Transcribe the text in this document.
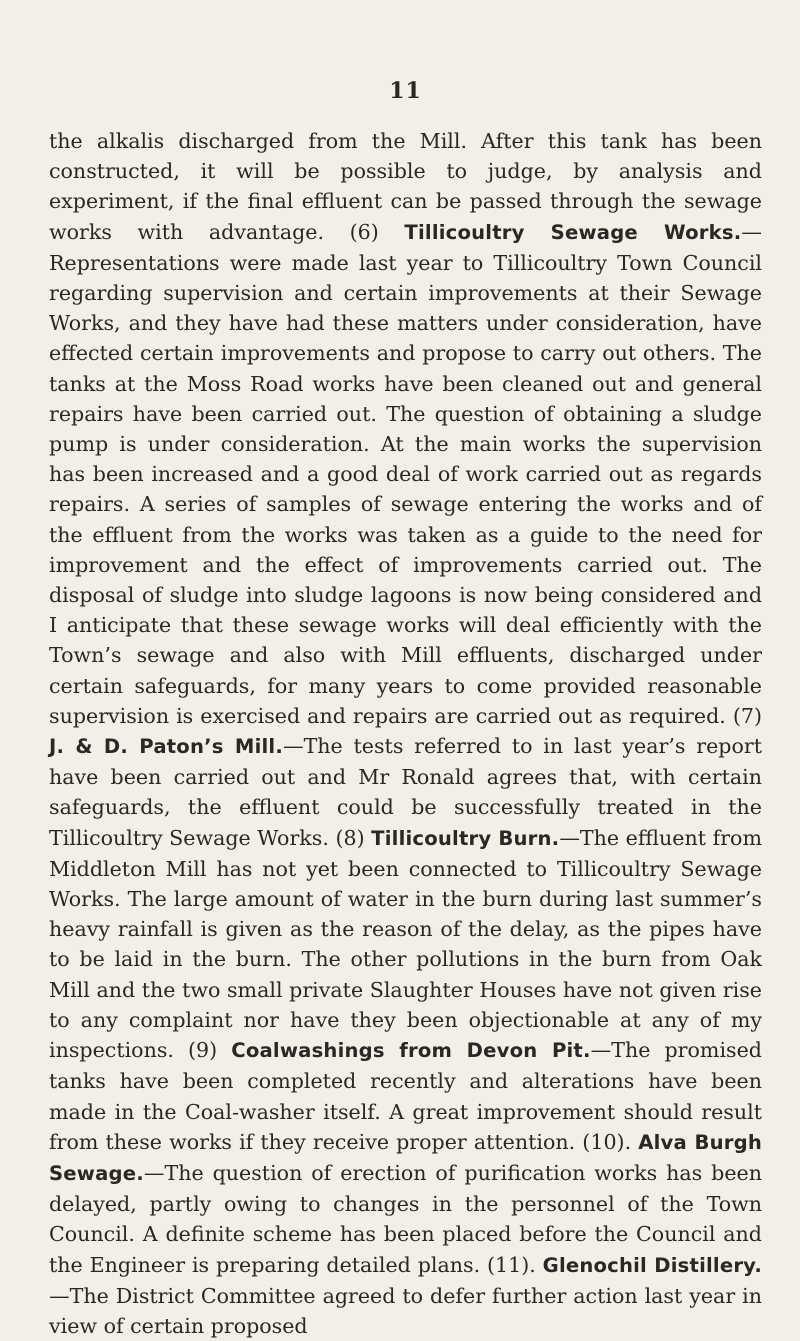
11

the alkalis discharged from the Mill. After this tank has been constructed, it will be possible to judge, by analysis and experiment, if the final effluent can be passed through the sewage works with advantage. (6) Tillicoultry Sewage Works.—Representations were made last year to Tillicoultry Town Council regarding supervision and certain improvements at their Sewage Works, and they have had these matters under consideration, have effected certain improvements and propose to carry out others. The tanks at the Moss Road works have been cleaned out and general repairs have been carried out. The question of obtaining a sludge pump is under consideration. At the main works the supervision has been increased and a good deal of work carried out as regards repairs. A series of samples of sewage entering the works and of the effluent from the works was taken as a guide to the need for improvement and the effect of improvements carried out. The disposal of sludge into sludge lagoons is now being considered and I anticipate that these sewage works will deal efficiently with the Town’s sewage and also with Mill effluents, discharged under certain safeguards, for many years to come provided reasonable supervision is exercised and repairs are carried out as required. (7) J. & D. Paton’s Mill.—The tests referred to in last year’s report have been carried out and Mr Ronald agrees that, with certain safeguards, the effluent could be successfully treated in the Tillicoultry Sewage Works. (8) Tillicoultry Burn.—The effluent from Middleton Mill has not yet been connected to Tillicoultry Sewage Works. The large amount of water in the burn during last summer’s heavy rainfall is given as the reason of the delay, as the pipes have to be laid in the burn. The other pollutions in the burn from Oak Mill and the two small private Slaughter Houses have not given rise to any complaint nor have they been objectionable at any of my inspections. (9) Coalwashings from Devon Pit.—The promised tanks have been completed recently and alterations have been made in the Coal-washer itself. A great improvement should result from these works if they receive proper attention. (10). Alva Burgh Sewage.—The question of erection of purification works has been delayed, partly owing to changes in the personnel of the Town Council. A definite scheme has been placed before the Council and the Engineer is preparing detailed plans. (11). Glenochil Distillery.—The District Committee agreed to defer further action last year in view of certain proposed
